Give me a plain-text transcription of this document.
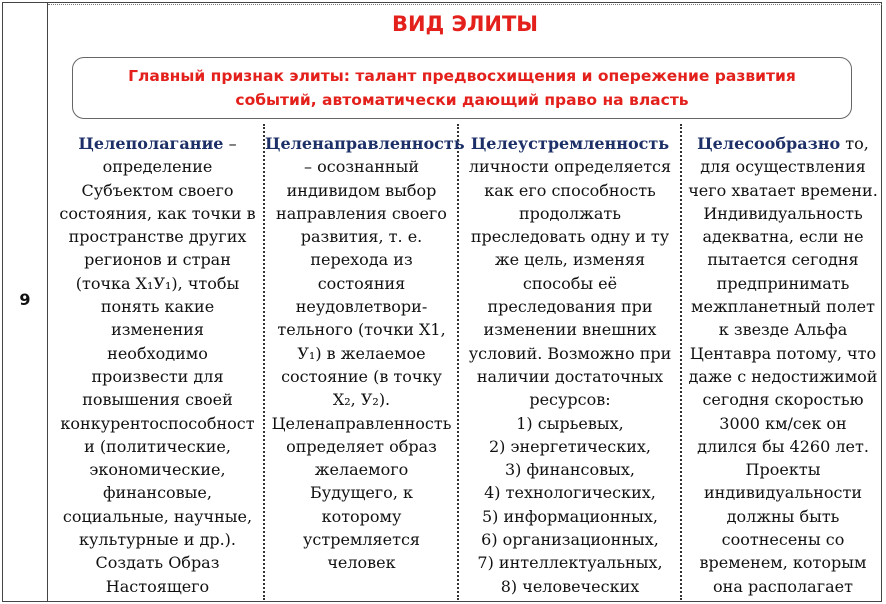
9
ВИД ЭЛИТЫ
Главный признак элиты: талант предвосхищения и опережение развития
событий, автоматически дающий право на власть
Целеполагание –
определение
Субъектом своего
состояния, как точки в
пространстве других
регионов и стран
(точка Х₁У₁), чтобы
понять какие
изменения
необходимо
произвести для
повышения своей
конкурентоспособност
и (политические,
экономические,
финансовые,
социальные, научные,
культурные и др.).
Создать Образ
Настоящего
Целенаправленность
– осознанный
индивидом выбор
направления своего
развития, т. е.
перехода из
состояния
неудовлетвори-
тельного (точки Х1,
У₁) в желаемое
состояние (в точку
Х₂, У₂).
Целенаправленность
определяет образ
желаемого
Будущего, к
которому
устремляется
человек
Целеустремленность
личности определяется
как его способность
продолжать
преследовать одну и ту
же цель, изменяя
способы её
преследования при
изменении внешних
условий. Возможно при
наличии достаточных
ресурсов:
1) сырьевых,
2) энергетических,
3) финансовых,
4) технологических,
5) информационных,
6) организационных,
7) интеллектуальных,
8) человеческих
Целесообразно то,
для осуществления
чего хватает времени.
Индивидуальность
адекватна, если не
пытается сегодня
предпринимать
межпланетный полет
к звезде Альфа
Центавра потому, что
даже с недостижимой
сегодня скоростью
3000 км/сек он
длился бы 4260 лет.
Проекты
индивидуальности
должны быть
соотнесены со
временем, которым
она располагает
